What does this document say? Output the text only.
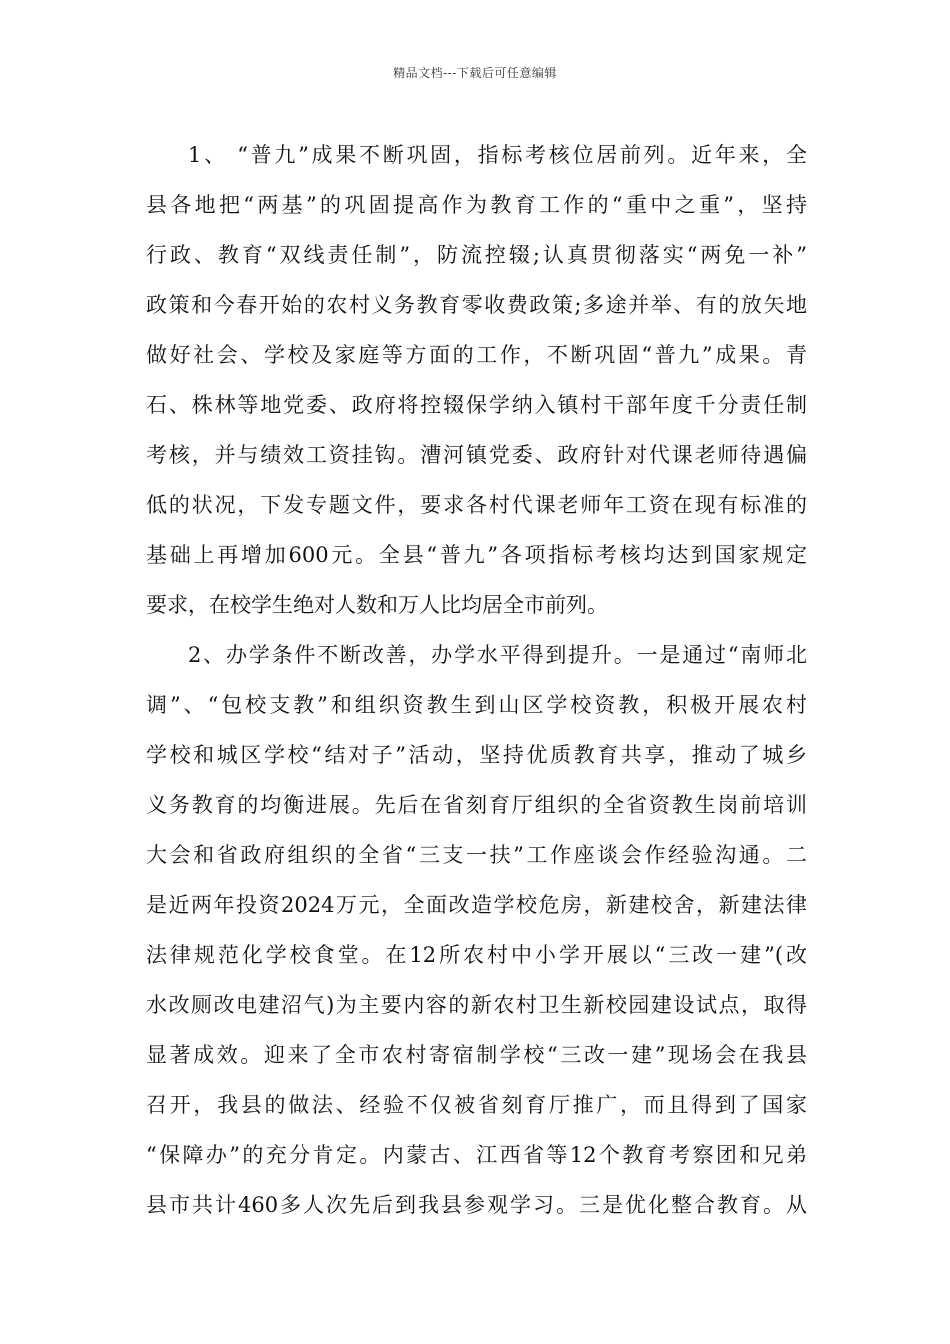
精品文档---下载后可任意编辑
1、 “普九”成果不断巩固，指标考核位居前列。近年来，全
县各地把“两基”的巩固提高作为教育工作的“重中之重”，坚持
行政、教育“双线责任制”，防流控辍;认真贯彻落实“两免一补”
政策和今春开始的农村义务教育零收费政策;多途并举、有的放矢地
做好社会、学校及家庭等方面的工作，不断巩固“普九”成果。青
石、株林等地党委、政府将控辍保学纳入镇村干部年度千分责任制
考核，并与绩效工资挂钩。漕河镇党委、政府针对代课老师待遇偏
低的状况，下发专题文件，要求各村代课老师年工资在现有标准的
基础上再增加600元。全县“普九”各项指标考核均达到国家规定
要求，在校学生绝对人数和万人比均居全市前列。
2、办学条件不断改善，办学水平得到提升。一是通过“南师北
调”、“包校支教”和组织资教生到山区学校资教，积极开展农村
学校和城区学校“结对子”活动，坚持优质教育共享，推动了城乡
义务教育的均衡进展。先后在省刻育厅组织的全省资教生岗前培训
大会和省政府组织的全省“三支一扶”工作座谈会作经验沟通。二
是近两年投资2024万元，全面改造学校危房，新建校舍，新建法律
法律规范化学校食堂。在12所农村中小学开展以“三改一建”(改
水改厕改电建沼气)为主要内容的新农村卫生新校园建设试点，取得
显著成效。迎来了全市农村寄宿制学校“三改一建”现场会在我县
召开，我县的做法、经验不仅被省刻育厅推广，而且得到了国家
“保障办”的充分肯定。内蒙古、江西省等12个教育考察团和兄弟
县市共计460多人次先后到我县参观学习。三是优化整合教育。从
